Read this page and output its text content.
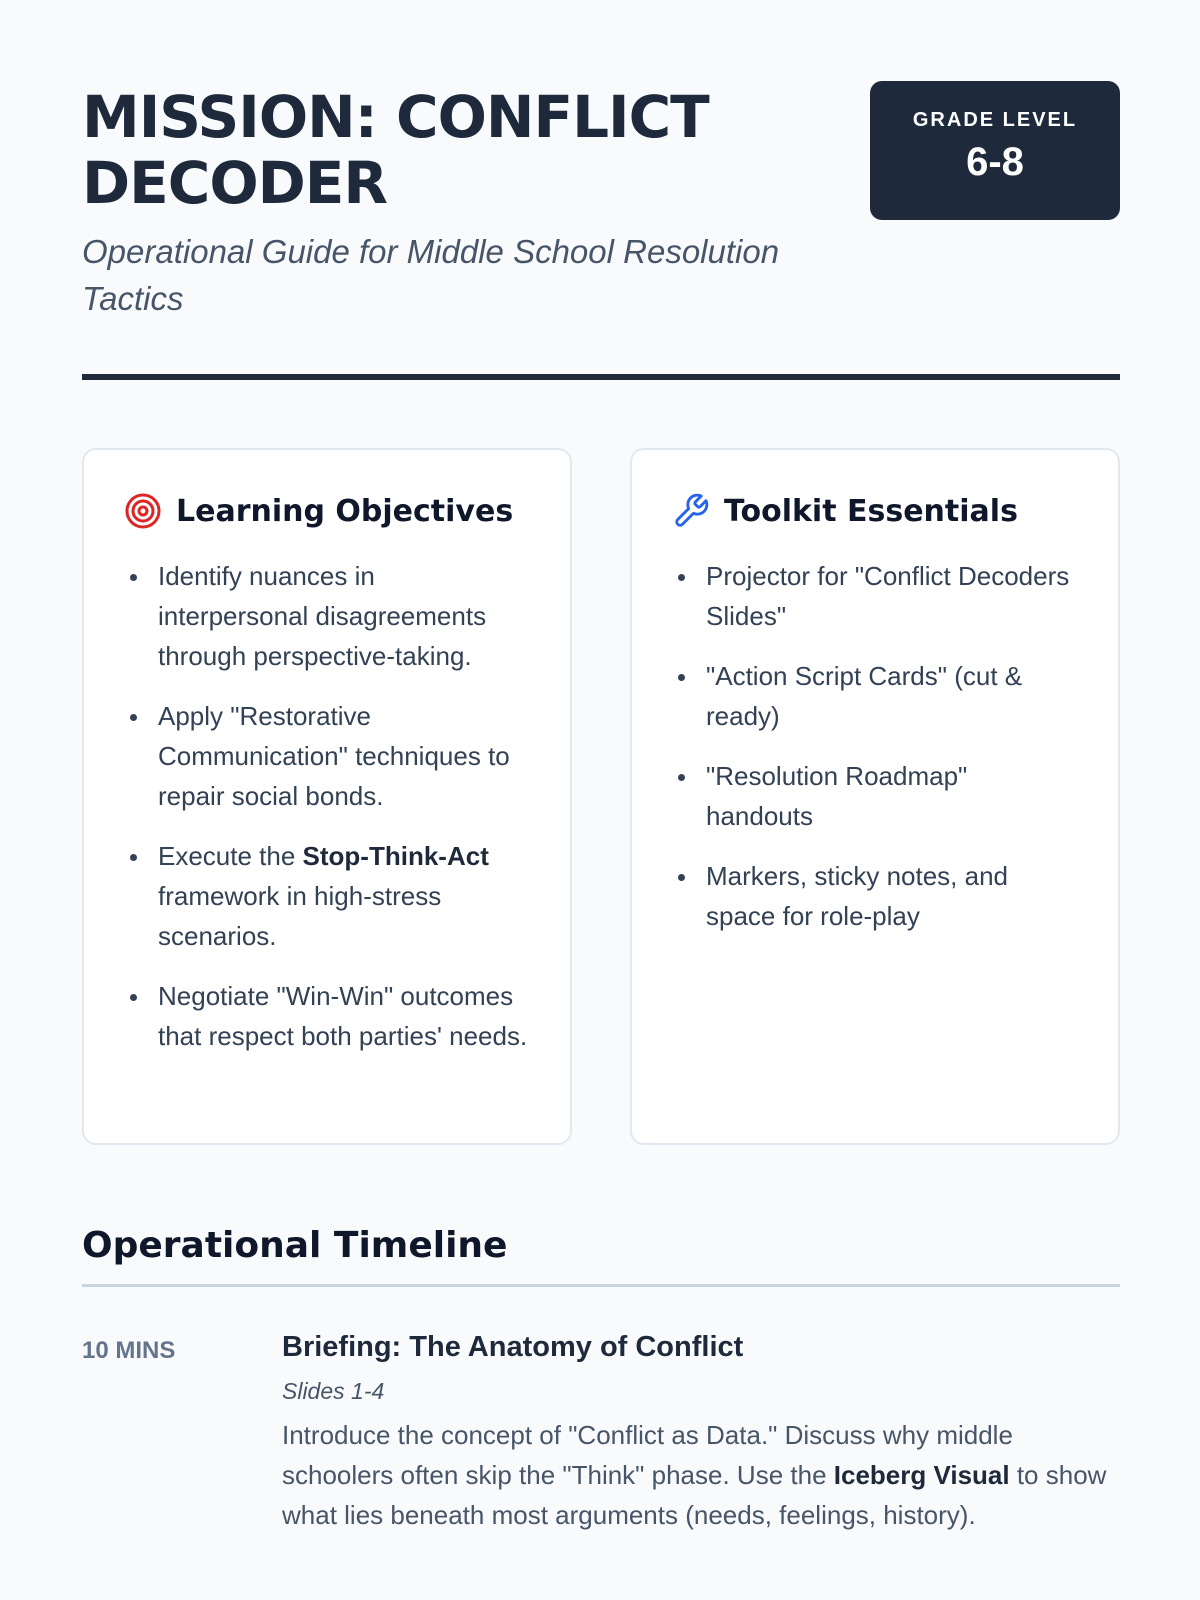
MISSION: CONFLICT DECODER
Operational Guide for Middle School Resolution Tactics
GRADE LEVEL
6-8
Learning Objectives
Identify nuances in interpersonal disagreements through perspective-taking.
Apply "Restorative Communication" techniques to repair social bonds.
Execute the Stop-Think-Act framework in high-stress scenarios.
Negotiate "Win-Win" outcomes that respect both parties' needs.
Toolkit Essentials
Projector for "Conflict Decoders Slides"
"Action Script Cards" (cut & ready)
"Resolution Roadmap" handouts
Markers, sticky notes, and space for role-play
Operational Timeline
10 MINS	Briefing: The Anatomy of Conflict
Slides 1-4
Introduce the concept of "Conflict as Data." Discuss why middle schoolers often skip the "Think" phase. Use the Iceberg Visual to show what lies beneath most arguments (needs, feelings, history).
